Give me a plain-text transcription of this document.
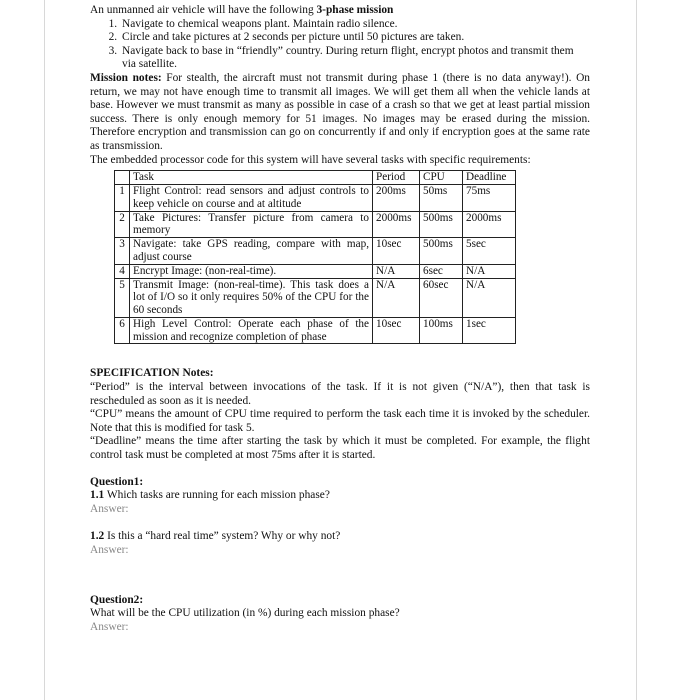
An unmanned air vehicle will have the following 3-phase mission

1. Navigate to chemical weapons plant. Maintain radio silence.
2. Circle and take pictures at 2 seconds per picture until 50 pictures are taken.
3. Navigate back to base in “friendly” country. During return flight, encrypt photos and transmit them via satellite.

Mission notes: For stealth, the aircraft must not transmit during phase 1 (there is no data anyway!). On return, we may not have enough time to transmit all images. We will get them all when the vehicle lands at base. However we must transmit as many as possible in case of a crash so that we get at least partial mission success. There is only enough memory for 51 images. No images may be erased during the mission. Therefore encryption and transmission can go on concurrently if and only if encryption goes at the same rate as transmission.

The embedded processor code for this system will have several tasks with specific requirements:

	Task	Period	CPU	Deadline
1	Flight Control: read sensors and adjust controls to keep vehicle on course and at altitude	200ms	50ms	75ms
2	Take Pictures: Transfer picture from camera to memory	2000ms	500ms	2000ms
3	Navigate: take GPS reading, compare with map, adjust course	10sec	500ms	5sec
4	Encrypt Image: (non-real-time).	N/A	6sec	N/A
5	Transmit Image: (non-real-time). This task does a lot of I/O so it only requires 50% of the CPU for the 60 seconds	N/A	60sec	N/A
6	High Level Control: Operate each phase of the mission and recognize completion of phase	10sec	100ms	1sec

SPECIFICATION Notes:

“Period” is the interval between invocations of the task. If it is not given (“N/A”), then that task is rescheduled as soon as it is needed.

“CPU” means the amount of CPU time required to perform the task each time it is invoked by the scheduler. Note that this is modified for task 5.

“Deadline” means the time after starting the task by which it must be completed. For example, the flight control task must be completed at most 75ms after it is started.

Question1:

1.1 Which tasks are running for each mission phase?

Answer:

1.2 Is this a “hard real time” system? Why or why not?

Answer:

Question2:

What will be the CPU utilization (in %) during each mission phase?

Answer:
